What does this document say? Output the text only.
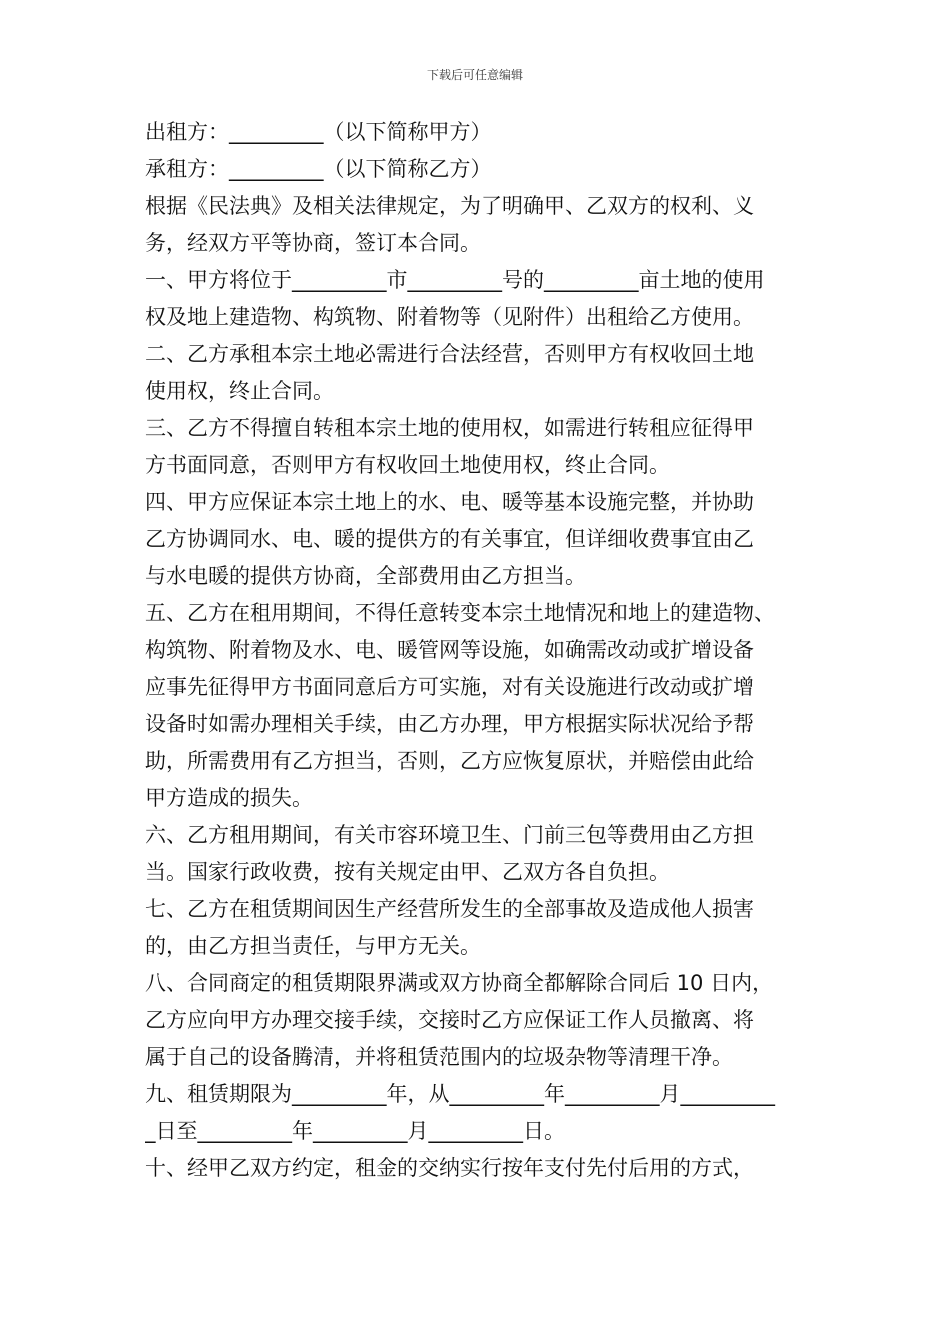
下载后可任意编辑
出租方：_________（以下简称甲方）
承租方：_________（以下简称乙方）
根据《民法典》及相关法律规定，为了明确甲、乙双方的权利、义
务，经双方平等协商，签订本合同。
一、甲方将位于_________市_________号的_________亩土地的使用
权及地上建造物、构筑物、附着物等（见附件）出租给乙方使用。
二、乙方承租本宗土地必需进行合法经营，否则甲方有权收回土地
使用权，终止合同。
三、乙方不得擅自转租本宗土地的使用权，如需进行转租应征得甲
方书面同意，否则甲方有权收回土地使用权，终止合同。
四、甲方应保证本宗土地上的水、电、暖等基本设施完整，并协助
乙方协调同水、电、暖的提供方的有关事宜，但详细收费事宜由乙
与水电暖的提供方协商，全部费用由乙方担当。
五、乙方在租用期间，不得任意转变本宗土地情况和地上的建造物、
构筑物、附着物及水、电、暖管网等设施，如确需改动或扩增设备
应事先征得甲方书面同意后方可实施，对有关设施进行改动或扩增
设备时如需办理相关手续，由乙方办理，甲方根据实际状况给予帮
助，所需费用有乙方担当，否则，乙方应恢复原状，并赔偿由此给
甲方造成的损失。
六、乙方租用期间，有关市容环境卫生、门前三包等费用由乙方担
当。国家行政收费，按有关规定由甲、乙双方各自负担。
七、乙方在租赁期间因生产经营所发生的全部事故及造成他人损害
的，由乙方担当责任，与甲方无关。
八、合同商定的租赁期限界满或双方协商全都解除合同后 10 日内，
乙方应向甲方办理交接手续，交接时乙方应保证工作人员撤离、将
属于自己的设备腾清，并将租赁范围内的垃圾杂物等清理干净。
九、租赁期限为_________年，从_________年_________月_________
_日至_________年_________月_________日。
十、经甲乙双方约定，租金的交纳实行按年支付先付后用的方式，
